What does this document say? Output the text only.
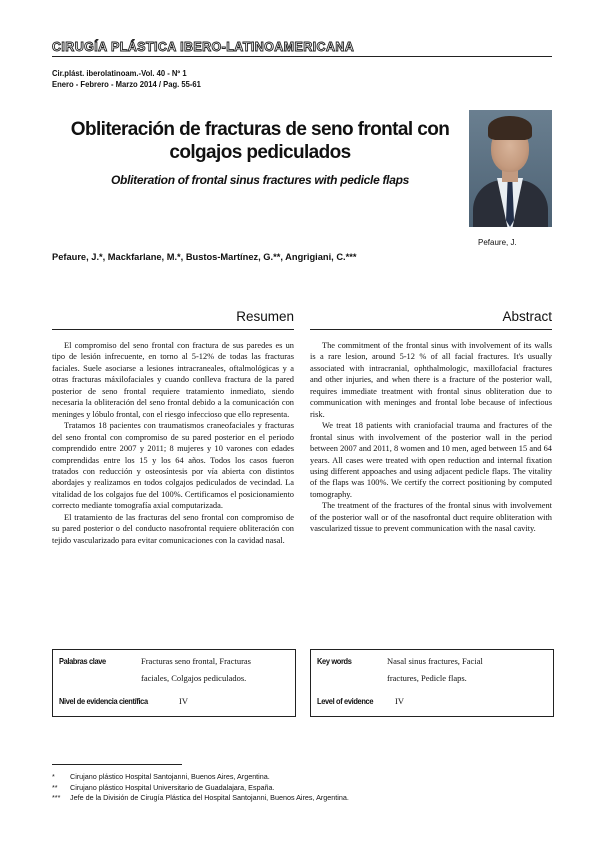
CIRUGÍA PLÁSTICA IBERO-LATINOAMERICANA
Cir.plást. iberolatinoam.-Vol. 40 - Nº 1
Enero - Febrero - Marzo 2014 / Pag. 55-61
Obliteración de fracturas de seno frontal con
colgajos pediculados
Obliteration of frontal sinus fractures with pedicle flaps
Pefaure, J.
Pefaure, J.*, Mackfarlane, M.*, Bustos-Martínez, G.**, Angrigiani, C.***
Resumen	Abstract

El compromiso del seno frontal con fractura de sus paredes es un tipo de lesión infrecuente, en torno al 5-12% de todas las fracturas faciales. Suele asociarse a lesiones intracraneales, oftalmológicas y a otras fracturas máxilofaciales y cuando conlleva fractura de la pared posterior de seno frontal requiere tratamiento inmediato, siendo necesaria la obliteración del seno frontal debido a la comunicación con meninges y lóbulo frontal, con el riesgo infeccioso que ello representa.

Tratamos 18 pacientes con traumatismos craneofaciales y fracturas del seno frontal con compromiso de su pared posterior en el periodo comprendido entre 2007 y 2011; 8 mujeres y 10 varones con edades comprendidas entre los 15 y los 64 años. Todos los casos fueron tratados con reducción y osteosíntesis por vía abierta con distintos abordajes y realizamos en todos colgajos pediculados de vecindad. La vitalidad de los colgajos fue del 100%. Certificamos el posicionamiento correcto mediante tomografía axial computarizada.

El tratamiento de las fracturas del seno frontal con compromiso de su pared posterior o del conducto nasofrontal requiere obliteración con tejido vascularizado para evitar comunicaciones con la cavidad nasal.

The commitment of the frontal sinus with involvement of its walls is a rare lesion, around 5-12 % of all facial fractures. It's usually associated with intracranial, ophthalmologic, maxillofacial fractures and other injuries, and when there is a fracture of the posterior wall, requires immediate treatment with frontal sinus obliteration due to communication with meninges and frontal lobe because of infectious risk.

We treat 18 patients with craniofacial trauma and fractures of the frontal sinus with involvement of the posterior wall in the period between 2007 and 2011, 8 women and 10 men, aged between 15 and 64 years. All cases were treated with open reduction and internal fixation using different appoaches and using adjacent pedicle flaps. The vitality of the flaps was 100%. We certify the correct positioning by computed tomography.

The treatment of the fractures of the frontal sinus with involvement of the posterior wall or of the nasofrontal duct require obliteration with vascularized tissue to prevent communication with the nasal cavity.

Palabras clave	Fracturas seno frontal, Fracturas
faciales, Colgajos pediculados.
Nivel de evidencia científica	IV
Key words	Nasal sinus fractures, Facial
fractures, Pedicle flaps.
Level of evidence	IV
*	Cirujano plástico Hospital Santojanni, Buenos Aires, Argentina.
**	Cirujano plástico Hospital Universitario de Guadalajara, España.
***	Jefe de la División de Cirugía Plástica del Hospital Santojanni, Buenos Aires, Argentina.
